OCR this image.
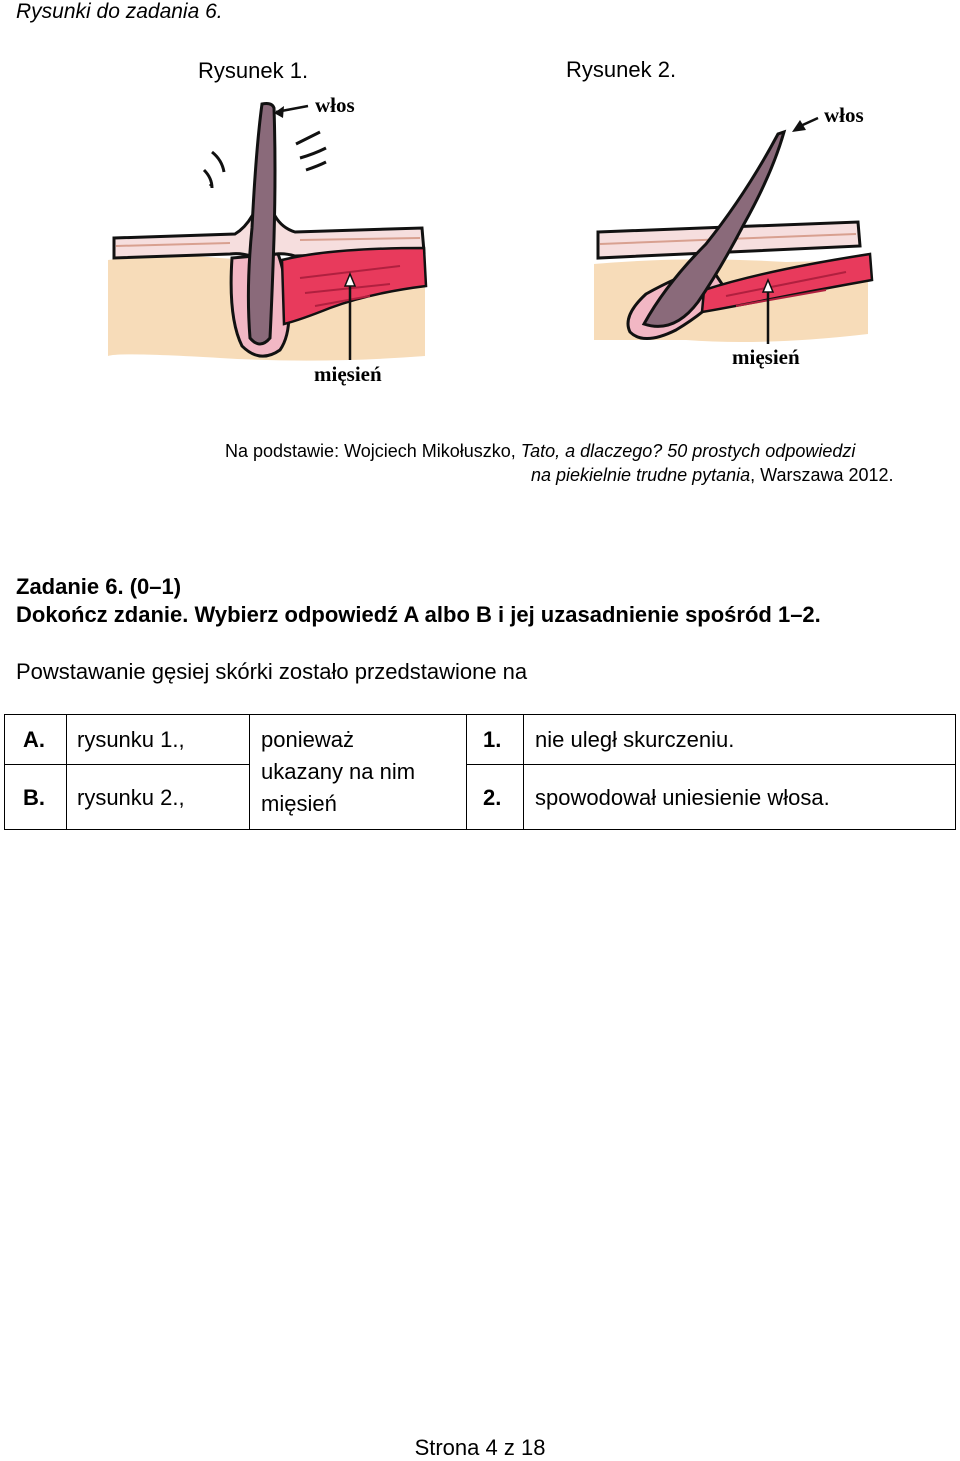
Rysunki do zadania 6.
Rysunek 1.	Rysunek 2.
włos
mięsień
włos
mięsień
Na podstawie: Wojciech Mikołuszko, Tato, a dlaczego? 50 prostych odpowiedzi
na piekielnie trudne pytania, Warszawa 2012.
Zadanie 6. (0–1)
Dokończ zdanie. Wybierz odpowiedź A albo B i jej uzasadnienie spośród 1–2.
Powstawanie gęsiej skórki zostało przedstawione na
A. rysunku 1.,
B. rysunku 2.,
ponieważ
ukazany na nim
mięsień
1. nie uległ skurczeniu.
2. spowodował uniesienie włosa.
Strona 4 z 18
